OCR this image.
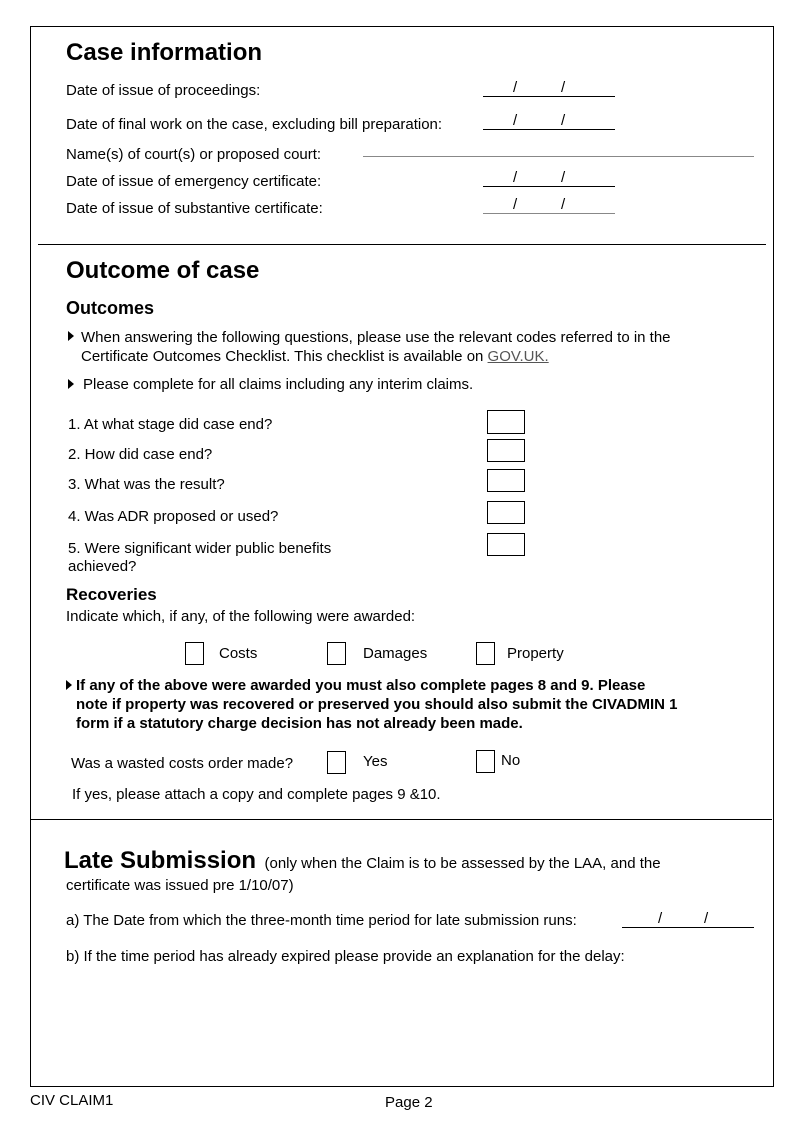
Case information
Date of issue of proceedings:	/	/
Date of final work on the case, excluding bill preparation:	/	/
Name(s) of court(s) or proposed court:
Date of issue of emergency certificate:	/	/
Date of issue of substantive certificate:	/	/
Outcome of case
Outcomes
When answering the following questions, please use the relevant codes referred to in the
Certificate Outcomes Checklist. This checklist is available on GOV.UK.
Please complete for all claims including any interim claims.
1. At what stage did case end?
2. How did case end?
3. What was the result?
4. Was ADR proposed or used?
5. Were significant wider public benefits
achieved?
Recoveries
Indicate which, if any, of the following were awarded:
Costs	Damages	Property
If any of the above were awarded you must also complete pages 8 and 9. Please
note if property was recovered or preserved you should also submit the CIVADMIN 1
form if a statutory charge decision has not already been made.
Was a wasted costs order made?	Yes	No
If yes, please attach a copy and complete pages 9 &10.
Late Submission (only when the Claim is to be assessed by the LAA, and the
certificate was issued pre 1/10/07)
a) The Date from which the three-month time period for late submission runs:	/	/
b) If the time period has already expired please provide an explanation for the delay:
CIV CLAIM1	Page 2
